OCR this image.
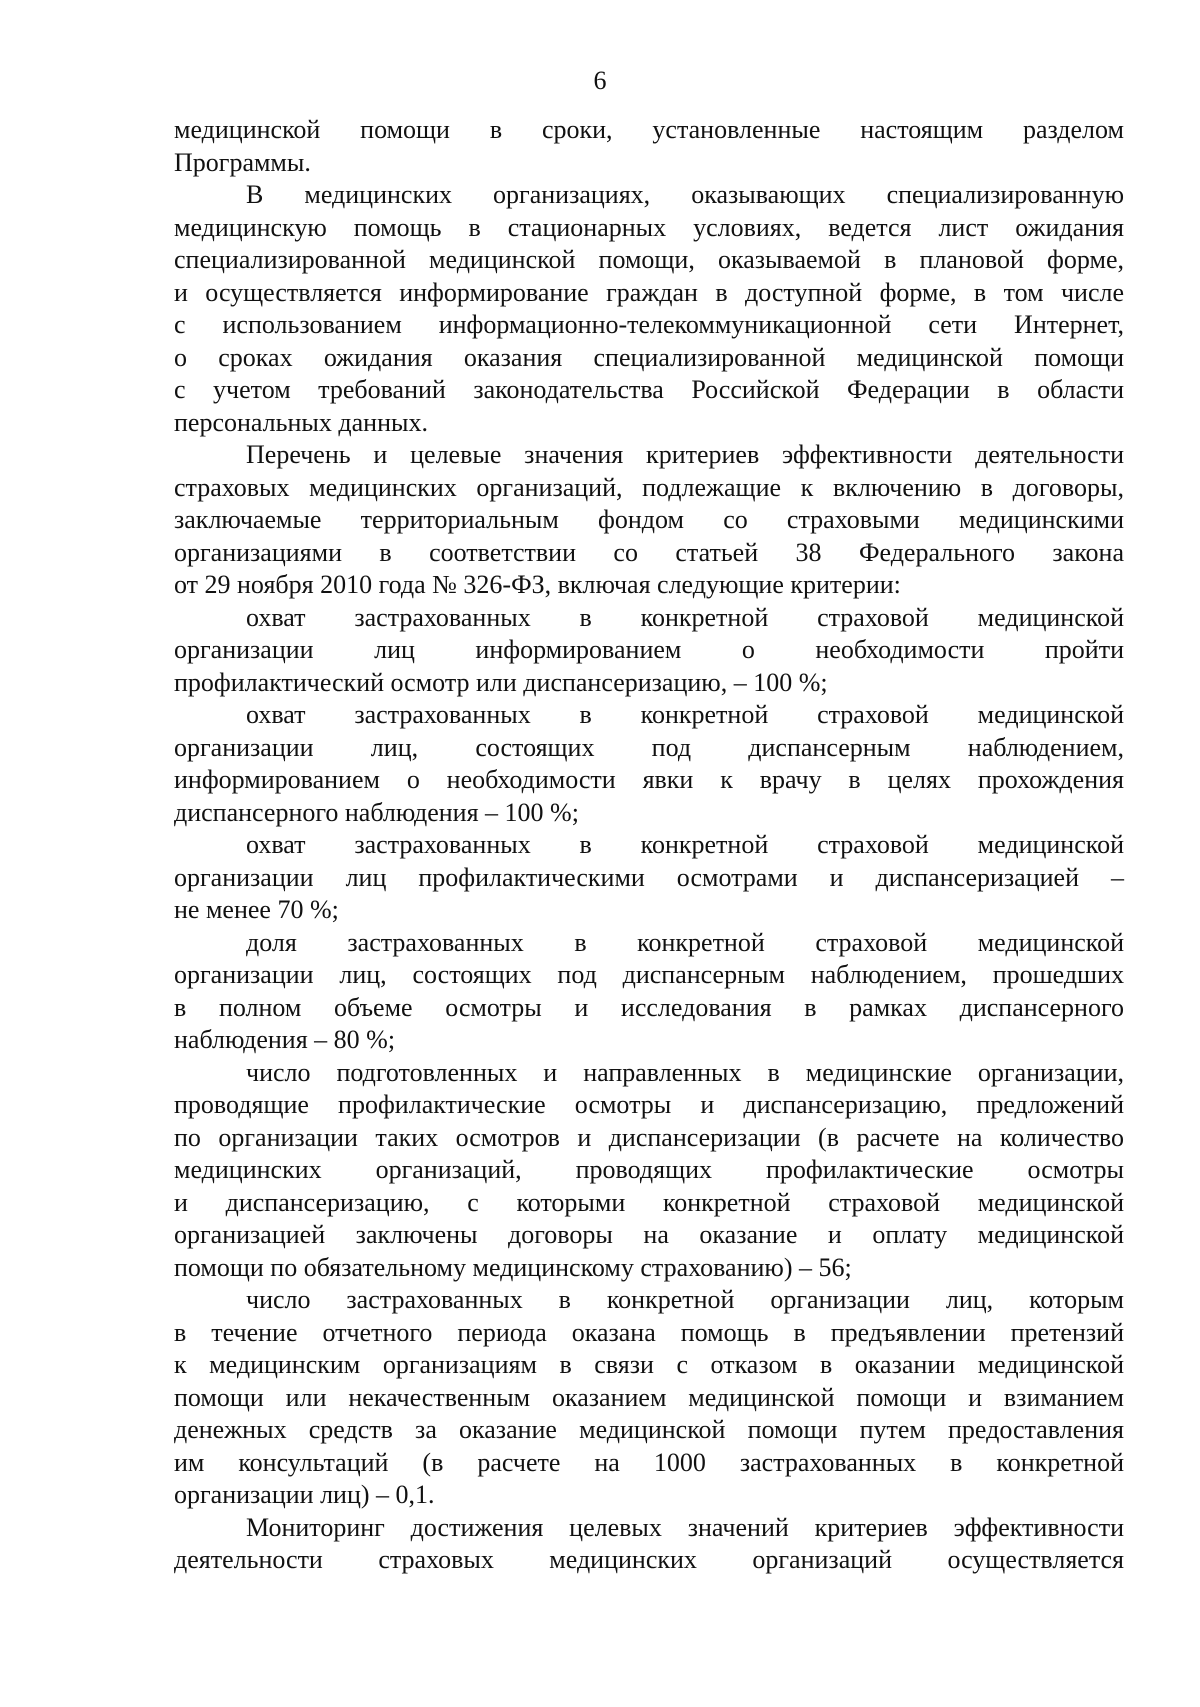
6

медицинской помощи в сроки, установленные настоящим разделом
Программы.

В медицинских организациях, оказывающих специализированную
медицинскую помощь в стационарных условиях, ведется лист ожидания
специализированной медицинской помощи, оказываемой в плановой форме,
и осуществляется информирование граждан в доступной форме, в том числе
с использованием информационно-телекоммуникационной сети Интернет,
о сроках ожидания оказания специализированной медицинской помощи
с учетом требований законодательства Российской Федерации в области
персональных данных.

Перечень и целевые значения критериев эффективности деятельности
страховых медицинских организаций, подлежащие к включению в договоры,
заключаемые территориальным фондом со страховыми медицинскими
организациями в соответствии со статьей 38 Федерального закона
от 29 ноября 2010 года № 326-ФЗ, включая следующие критерии:

охват застрахованных в конкретной страховой медицинской
организации лиц информированием о необходимости пройти
профилактический осмотр или диспансеризацию, – 100 %;

охват застрахованных в конкретной страховой медицинской
организации лиц, состоящих под диспансерным наблюдением,
информированием о необходимости явки к врачу в целях прохождения
диспансерного наблюдения – 100 %;

охват застрахованных в конкретной страховой медицинской
организации лиц профилактическими осмотрами и диспансеризацией –
не менее 70 %;

доля застрахованных в конкретной страховой медицинской
организации лиц, состоящих под диспансерным наблюдением, прошедших
в полном объеме осмотры и исследования в рамках диспансерного
наблюдения – 80 %;

число подготовленных и направленных в медицинские организации,
проводящие профилактические осмотры и диспансеризацию, предложений
по организации таких осмотров и диспансеризации (в расчете на количество
медицинских организаций, проводящих профилактические осмотры
и диспансеризацию, с которыми конкретной страховой медицинской
организацией заключены договоры на оказание и оплату медицинской
помощи по обязательному медицинскому страхованию) – 56;

число застрахованных в конкретной организации лиц, которым
в течение отчетного периода оказана помощь в предъявлении претензий
к медицинским организациям в связи с отказом в оказании медицинской
помощи или некачественным оказанием медицинской помощи и взиманием
денежных средств за оказание медицинской помощи путем предоставления
им консультаций (в расчете на 1000 застрахованных в конкретной
организации лиц) – 0,1.

Мониторинг достижения целевых значений критериев эффективности
деятельности страховых медицинских организаций осуществляется
